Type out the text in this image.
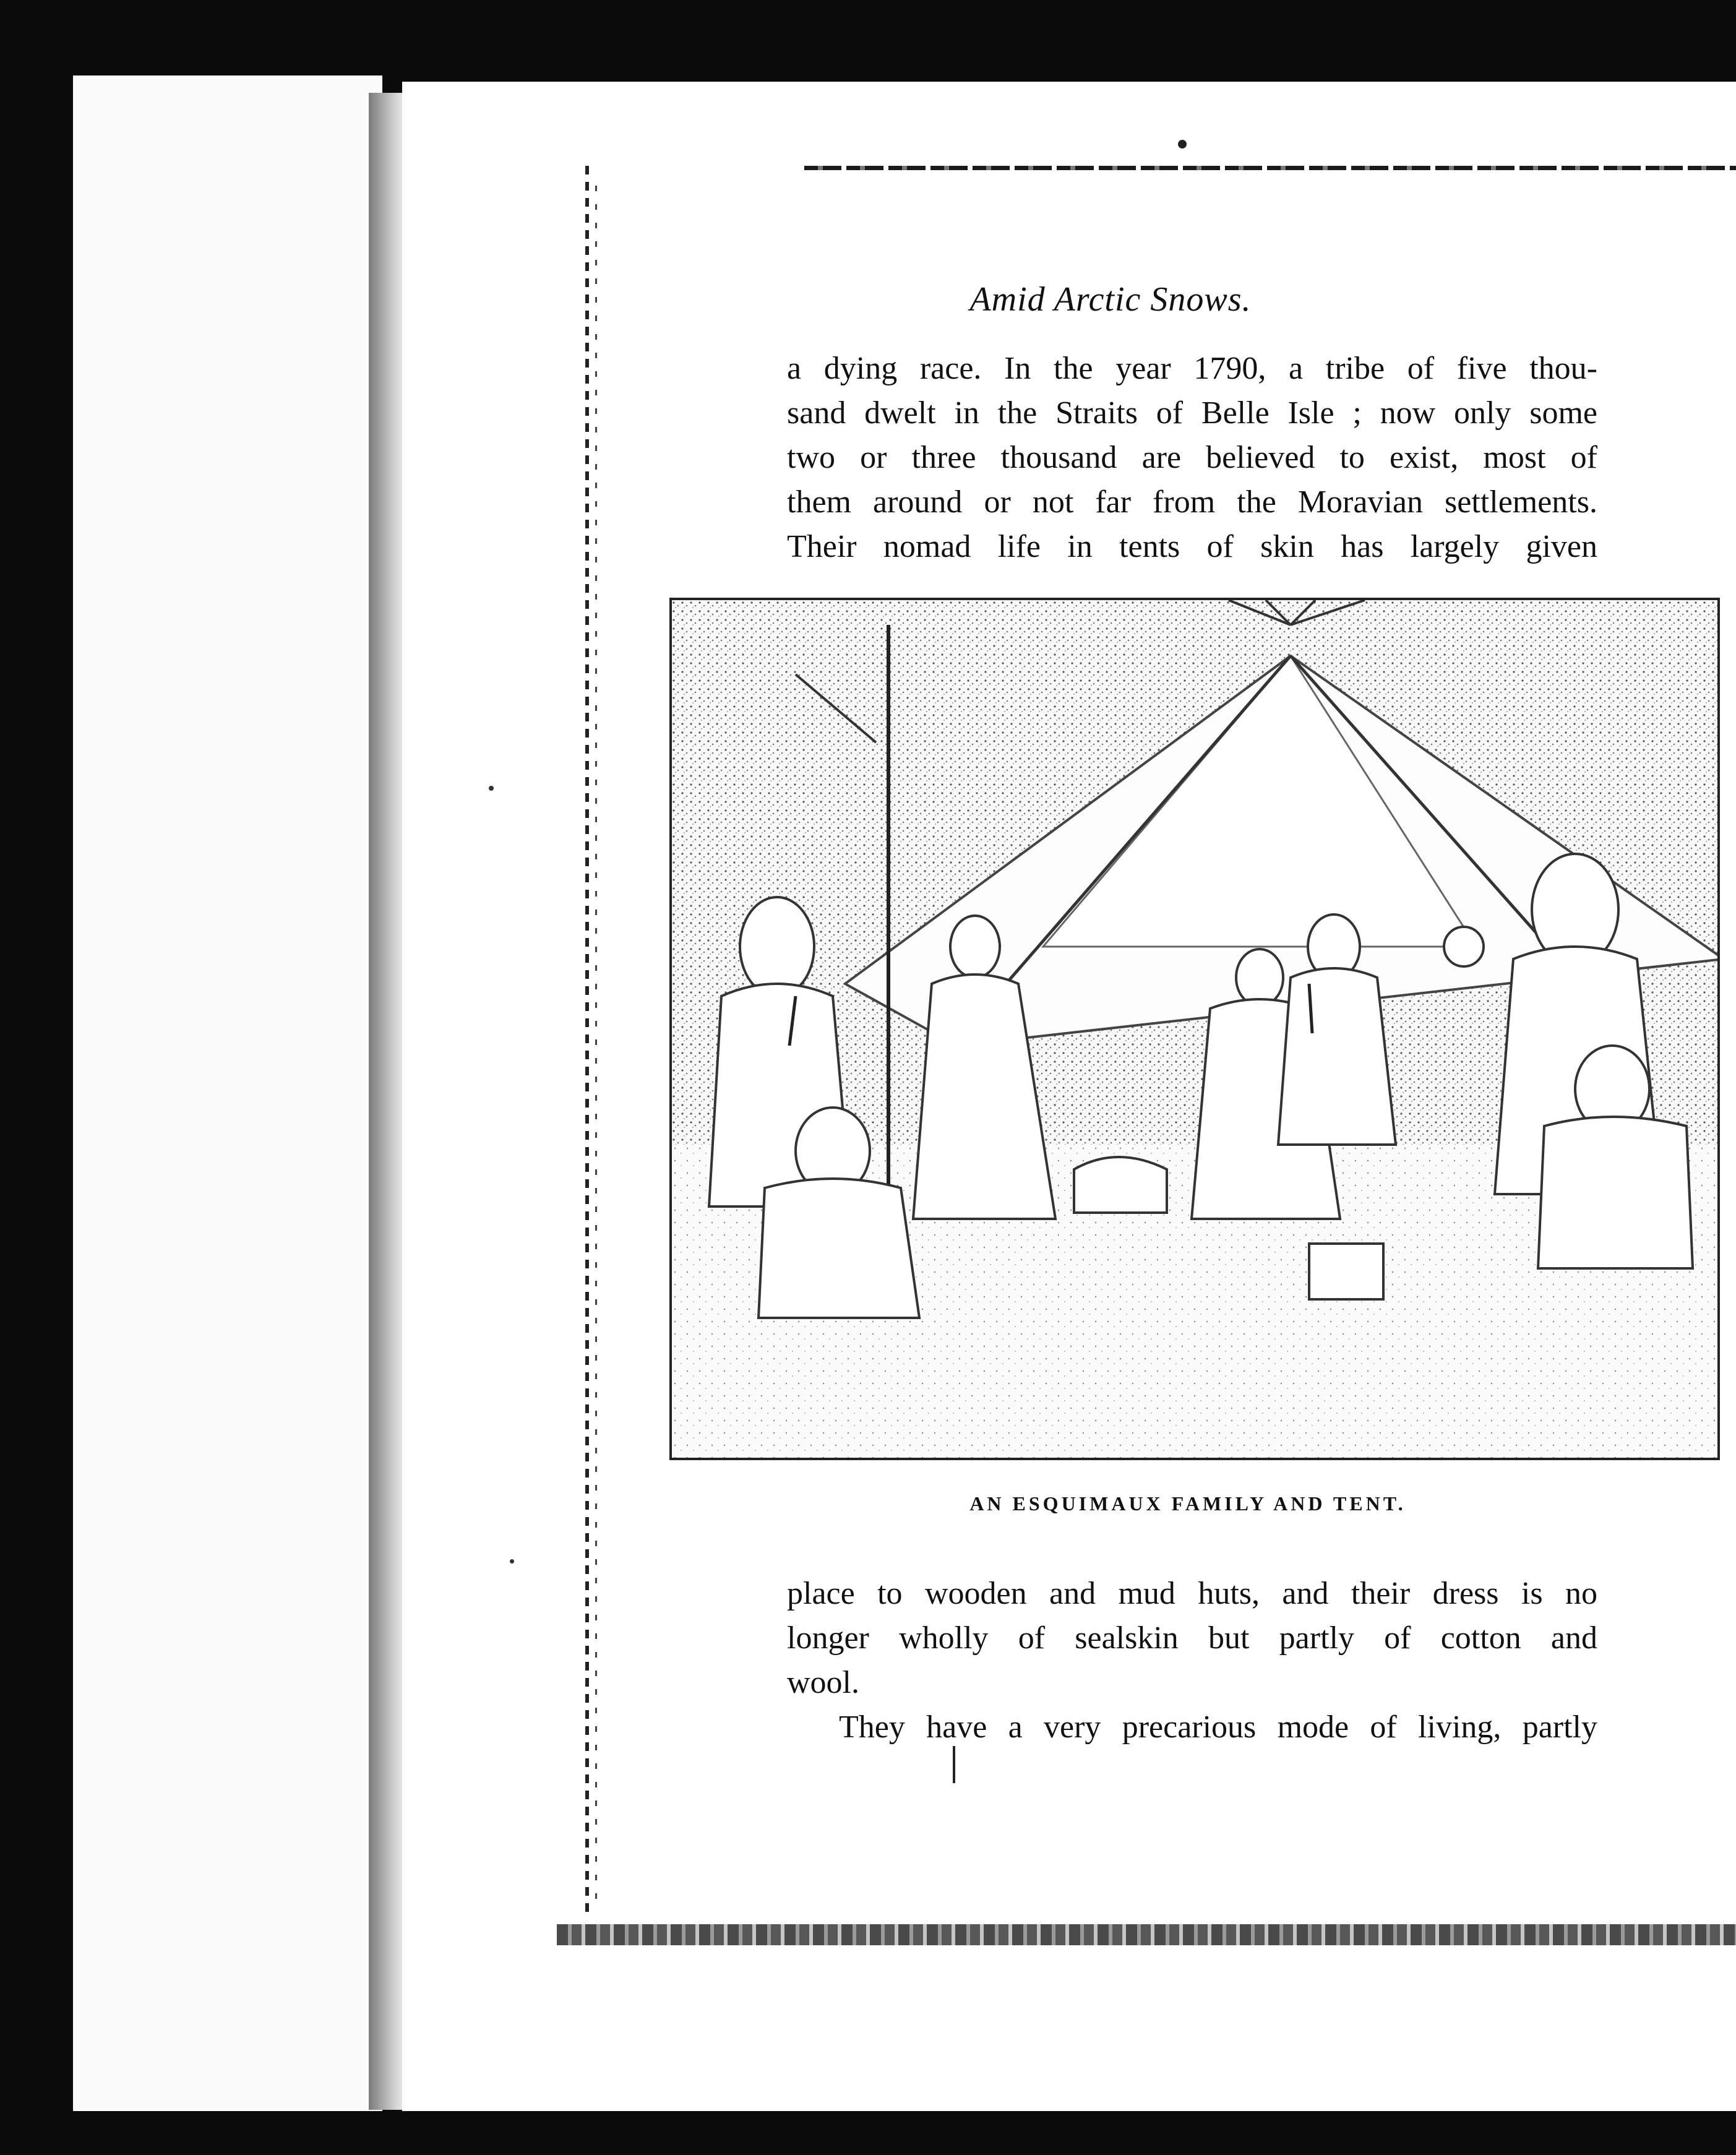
Amid Arctic Snows.
a dying race. In the year 1790, a tribe of five thou-
sand dwelt in the Straits of Belle Isle ; now only some
two or three thousand are believed to exist, most of
them around or not far from the Moravian settlements.
Their nomad life in tents of skin has largely given
AN ESQUIMAUX FAMILY AND TENT.
place to wooden and mud huts, and their dress is no
longer wholly of sealskin but partly of cotton and
wool.
They have a very precarious mode of living, partly
